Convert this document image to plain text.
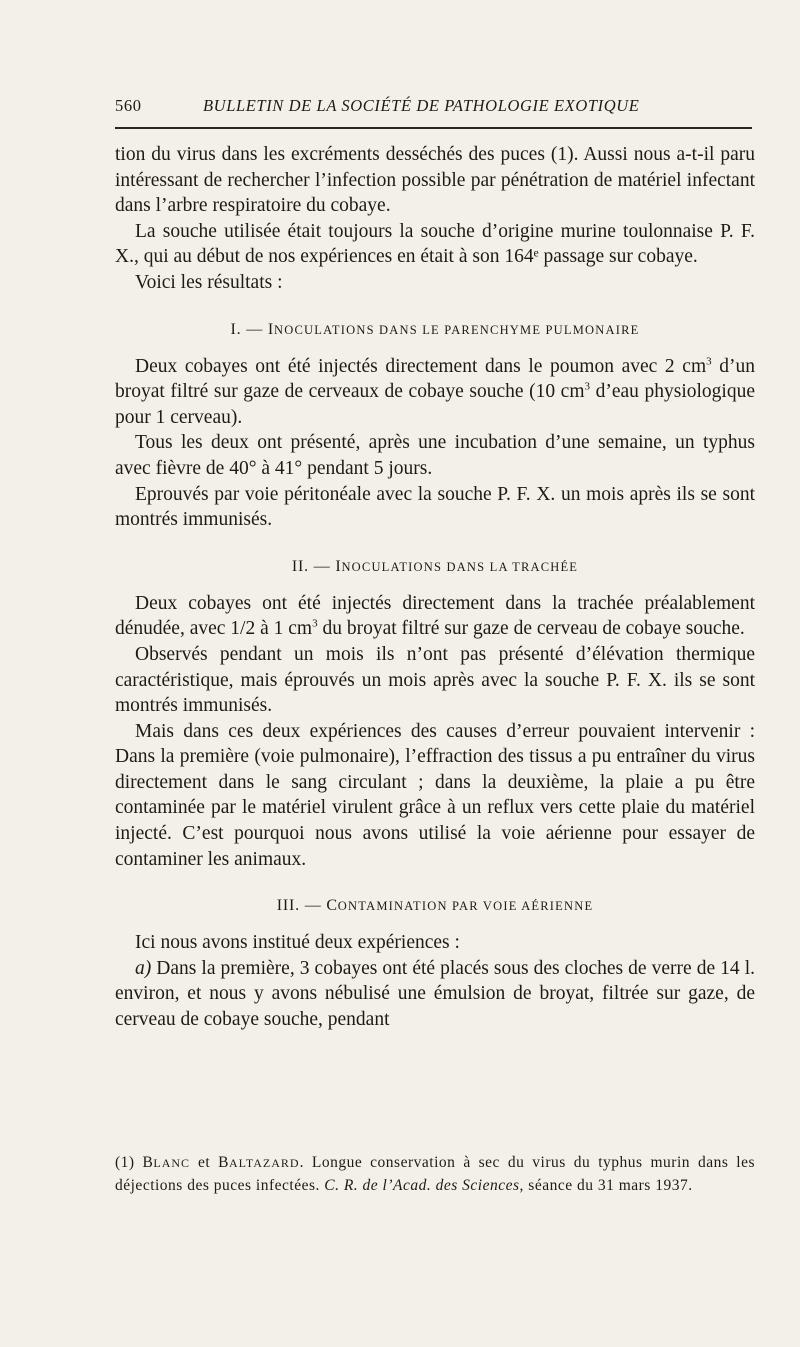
560	BULLETIN DE LA SOCIÉTÉ DE PATHOLOGIE EXOTIQUE

tion du virus dans les excréments desséchés des puces (1). Aussi nous a-t-il paru intéressant de rechercher l’infection possible par pénétration de matériel infectant dans l’arbre respiratoire du cobaye.

La souche utilisée était toujours la souche d’origine murine toulonnaise P. F. X., qui au début de nos expériences en était à son 164ᵉ passage sur cobaye.

Voici les résultats :

I. — INOCULATIONS DANS LE PARENCHYME PULMONAIRE

Deux cobayes ont été injectés directement dans le poumon avec 2 $cm^3$ d’un broyat filtré sur gaze de cerveaux de cobaye souche (10 $cm^3$ d’eau physiologique pour 1 cerveau).

Tous les deux ont présenté, après une incubation d’une semaine, un typhus avec fièvre de 40° à 41° pendant 5 jours.

Eprouvés par voie péritonéale avec la souche P. F. X. un mois après ils se sont montrés immunisés.

II. — INOCULATIONS DANS LA TRACHÉE

Deux cobayes ont été injectés directement dans la trachée préalablement dénudée, avec 1/2 à 1 $cm^3$ du broyat filtré sur gaze de cerveau de cobaye souche.

Observés pendant un mois ils n’ont pas présenté d’élévation thermique caractéristique, mais éprouvés un mois après avec la souche P. F. X. ils se sont montrés immunisés.

Mais dans ces deux expériences des causes d’erreur pouvaient intervenir : Dans la première (voie pulmonaire), l’effraction des tissus a pu entraîner du virus directement dans le sang circulant ; dans la deuxième, la plaie a pu être contaminée par le matériel virulent grâce à un reflux vers cette plaie du matériel injecté. C’est pourquoi nous avons utilisé la voie aérienne pour essayer de contaminer les animaux.

III. — CONTAMINATION PAR VOIE AÉRIENNE

Ici nous avons institué deux expériences :

a) Dans la première, 3 cobayes ont été placés sous des cloches de verre de 14 l. environ, et nous y avons nébulisé une émulsion de broyat, filtrée sur gaze, de cerveau de cobaye souche, pendant

(1) BLANC et BALTAZARD. Longue conservation à sec du virus du typhus murin dans les déjections des puces infectées. C. R. de l’Acad. des Sciences, séance du 31 mars 1937.
